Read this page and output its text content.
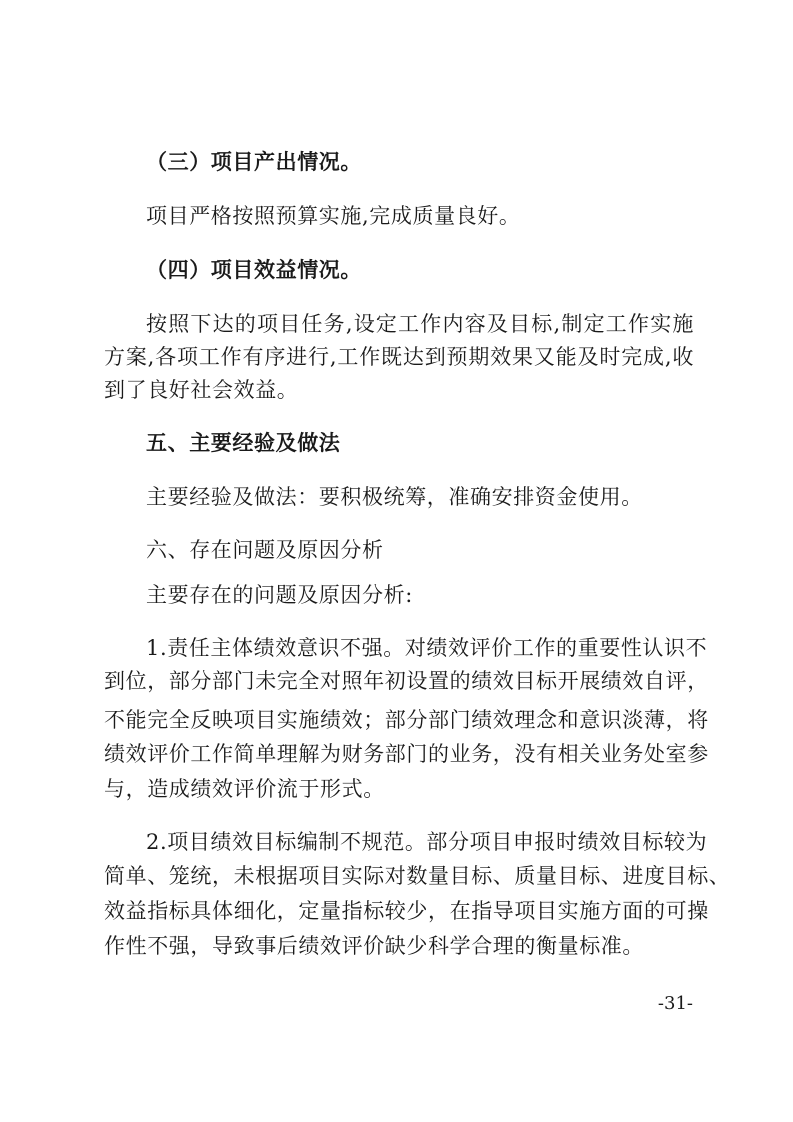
（三）项目产出情况。
项目严格按照预算实施,完成质量良好。
（四）项目效益情况。
按照下达的项目任务,设定工作内容及目标,制定工作实施
方案,各项工作有序进行,工作既达到预期效果又能及时完成,收
到了良好社会效益。
五、主要经验及做法
主要经验及做法：要积极统筹，准确安排资金使用。
六、存在问题及原因分析
主要存在的问题及原因分析:
1.责任主体绩效意识不强。对绩效评价工作的重要性认识不
到位，部分部门未完全对照年初设置的绩效目标开展绩效自评，
不能完全反映项目实施绩效；部分部门绩效理念和意识淡薄，将
绩效评价工作简单理解为财务部门的业务，没有相关业务处室参
与，造成绩效评价流于形式。
2.项目绩效目标编制不规范。部分项目申报时绩效目标较为
简单、笼统，未根据项目实际对数量目标、质量目标、进度目标、
效益指标具体细化，定量指标较少，在指导项目实施方面的可操
作性不强，导致事后绩效评价缺少科学合理的衡量标准。
-31-
